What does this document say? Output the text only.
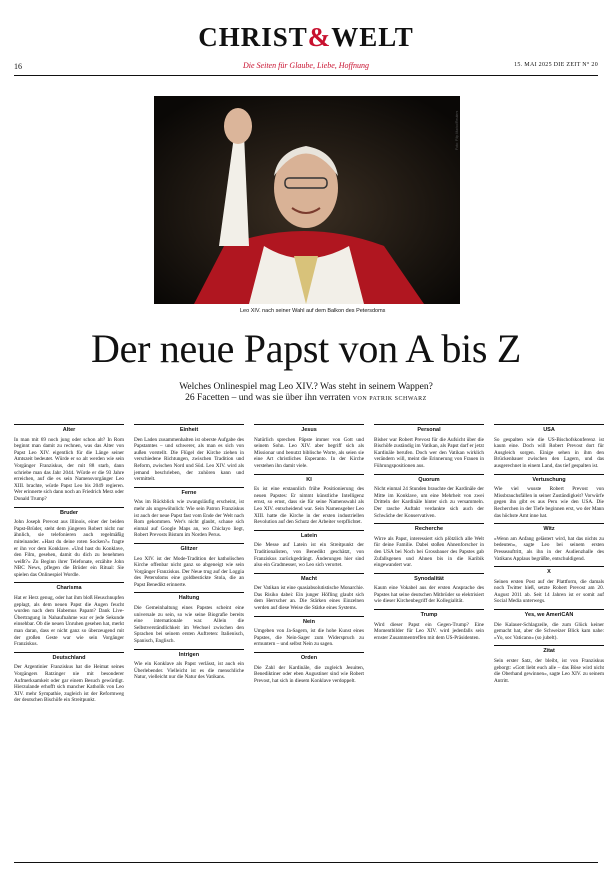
CHRIST&WELT
16	Die Seiten für Glaube, Liebe, Hoffnung	15. MAI 2025 DIE ZEIT N° 20
Leo XIV. nach seiner Wahl auf dem Balkon des Petersdoms
Foto: Filip Marko/Reuters
Der neue Papst von A bis Z
Welches Onlinespiel mag Leo XIV.? Was steht in seinem Wappen?
26 Facetten – und was sie über ihn verraten VON PATRIK SCHWARZ
Alter

In man mit 69 noch jung oder schon alt? In Rom beginnt man damit zu rechnen, was das Alter von Papst Leo XIV. eigentlich für die Länge seiner Amtszeit bedeutet. Würde er so alt werden wie sein Vorgänger Franziskus, der mit 88 starb, dann schriebe man das Jahr 2044. Würde er die 93 Jahre erreichen, auf die es sein Namensvorgänger Leo XIII. brachte, würde Papst Leo bis 2049 regieren. Wer erinnerte sich dann noch an Friedrich Merz oder Donald Trump?

Bruder

John Joseph Prevost aus Illinois, einer der beiden Papst-Brüder, steht dem jüngeren Robert nicht nur ähnlich, sie telefonieren auch regelmäßig miteinander. »Hast du deine roten Socken?« fragte er ihn vor dem Konklave. »Und hast du Konklave, den Film, gesehen, damit du dich zu benehmen weißt?« Zu Beginn ihrer Telefonate, erzählte John NBC News, pflegen die Brüder ein Ritual: Sie spielen das Onlinespiel Wordle.

Charisma

Hat er Herz genug, oder hat ihm bloß Heuschnupfen geplagt, als dem neuen Papst die Augen feucht wurden nach dem Habemus Papam? Dank Live-Übertragung in Nahaufnahme war er jede Sekunde einsehbar. Ob die neuen Unruhen gesehen hat, merkt man daran, dass er nicht ganz so überzeugend mit der großen Geste war wie sein Vorgänger Franziskus.

Deutschland

Der Argentinier Franziskus hat die Heimat seines Vorgängers Ratzinger nie mit besonderer Aufmerksamkeit oder gar einem Besuch gewürdigt. Hierzulande erhofft sich mancher Katholik von Leo XIV. mehr Sympathie, zugleich ist der Reformweg der deutschen Bischöfe ein Streitpunkt.

Einheit

Den Laden zusammenhalten ist oberste Aufgabe des Papstamtes – und schwerer, als man es sich von außen vorstellt. Die Flügel der Kirche ziehen in verschiedene Richtungen, zwischen Tradition und Reform, zwischen Nord und Süd. Leo XIV. wird als jemand beschrieben, der zuhören kann und vermittelt.

Ferne

Was im Rückblick wie zwangsläufig erscheint, ist mehr als ungewöhnlich: Wie sein Patron Franziskus ist auch der neue Papst fast vom Ende der Welt nach Rom gekommen. Wer's nicht glaubt, schaue sich einmal auf Google Maps an, wo Chiclayo liegt, Robert Prevosts Bistum im Norden Perus.

Glitzer

Leo XIV. ist der Mode-Tradition der katholischen Kirche offenbar nicht ganz so abgeneigt wie sein Vorgänger Franziskus. Der Neue trug auf der Loggia des Petersdoms eine goldbestickte Stola, die an Papst Benedikt erinnerte.

Haltung

Die Gemeinhaltung eines Papstes scheint eine universale zu sein, so wie seine Biografie bereits eine internationale war. Allein die Selbstverständlichkeit im Wechsel zwischen den Sprachen bei seinem ersten Auftreten: Italienisch, Spanisch, Englisch.

Intrigen

Wie ein Konklave als Papst verlässt, ist auch ein Überlebender. Vielleicht ist es die menschliche Natur, vielleicht nur die Natur des Vatikans.

Jesus

Natürlich sprechen Päpste immer von Gott und seinem Sohn. Leo XIV. aber begriff sich als Missionar und benutzt biblische Worte, als seien sie eine Art christliches Esperanto. In der Kirche verstehen ihn damit viele.

KI

Es ist eine erstaunlich frühe Positionierung des neuen Papstes: Er nimmt künstliche Intelligenz ernst, so ernst, dass sie für seine Namenswahl als Leo XIV. entscheidend war. Sein Namensgeber Leo XIII. hatte die Kirche in der ersten industriellen Revolution auf den Schutz der Arbeiter verpflichtet.

Latein

Die Messe auf Latein ist ein Streitpunkt der Traditionalisten, von Benedikt geschätzt, von Franziskus zurückgedrängt. Änderungen hier sind also ein Gradmesser, wo Leo sich verortet.

Macht

Der Vatikan ist eine quasiabsolutistische Monarchie. Das Risiko dabei: Ein junger Höfling glaubt sich dem Herrscher an. Die Stärken eines Einzelnen werden auf diese Weise die Stärke eines Systems.

Nein

Umgeben von Ja-Sagern, ist die hohe Kunst eines Papstes, die Nein-Sager zum Widerspruch zu ermuntern – und selbst Nein zu sagen.

Orden

Die Zahl der Kardinäle, die zugleich Jesuiten, Benediktiner oder eben Augustiner sind wie Robert Prevost, hat sich in diesem Konklave verdoppelt.

Personal

Bisher war Robert Prevost für die Aufsicht über die Bischöfe zuständig im Vatikan, als Papst darf er jetzt Kardinäle berufen. Doch wer den Vatikan wirklich verändern will, meint die Erinnerung von Frauen in Führungspositionen aus.

Quorum

Nicht einmal 24 Stunden brauchte der Kardinäle der Mitte im Konklave, um eine Mehrheit von zwei Dritteln der Kardinäle hinter sich zu versammeln. Der rasche Auftakt verdankte sich auch der Schwäche der Konservativen.

Recherche

Wirre als Papst, interessiert sich plötzlich alle Welt für deine Familie. Dabei stoßen Ahnenforscher in den USA bei Noch bei Grossbauer des Papstes gab Zufallsgenen und Ahnen bis in die Karibik eingewandert war.

Synodalität

Kaum eine Vokabel aus der ersten Ansprache des Papstes hat seine deutschen Mitbrüder so elektrisiert wie dieser Kirchenbegriff der Kollegialität.

Trump

Wird dieser Papst ein Gegen-Trump? Eine Momentbilder für Leo XIV. wird jedenfalls sein ernster Zusammentreffen mit dem US-Präsidenten.

USA

So gespalten wie die US-Bischofskonferenz ist kaum eine. Doch will Robert Prevost dort für Ausgleich sorgen. Einige sehen in ihm den Brückenbauer zwischen den Lagern, und das ausgerechnet in einem Land, das tief gespalten ist.

Vertuschung

Wie viel wusste Robert Prevost von Missbrauchsfällen in seiner Zuständigkeit? Vorwürfe gegen ihn gibt es aus Peru wie den USA. Die Recherchen in der Tiefe beginnen erst, wo der Mann das höchste Amt inne hat.

Witz

»Wenn am Anfang gelästert wird, hat das nichts zu bedeuten«, sagte Leo bei seinem ersten Presseauftritt, als ihn in der Audienzhalle des Vatikans Applaus begrüßte, entschuldigend.

X

Seinen ersten Post auf der Plattform, die damals noch Twitter hieß, setzte Robert Prevost am 20. August 2011 ab. Seit 14 Jahren ist er somit auf Social Media unterwegs.

Yes, we AmeriCAN

Die Kalauer-Schlagzeile, die zum Glück keiner gemacht hat, aber die Schweizer Blick kam nahe: »Yo, soc Vaticano« (so jubelt).

Zitat

Sein erster Satz, der bleibt, ist von Franziskus geborgt: »Gott liebt euch alle – das Böse wird nicht die Oberhand gewinnen«, sagte Leo XIV. zu seinem Antritt.
